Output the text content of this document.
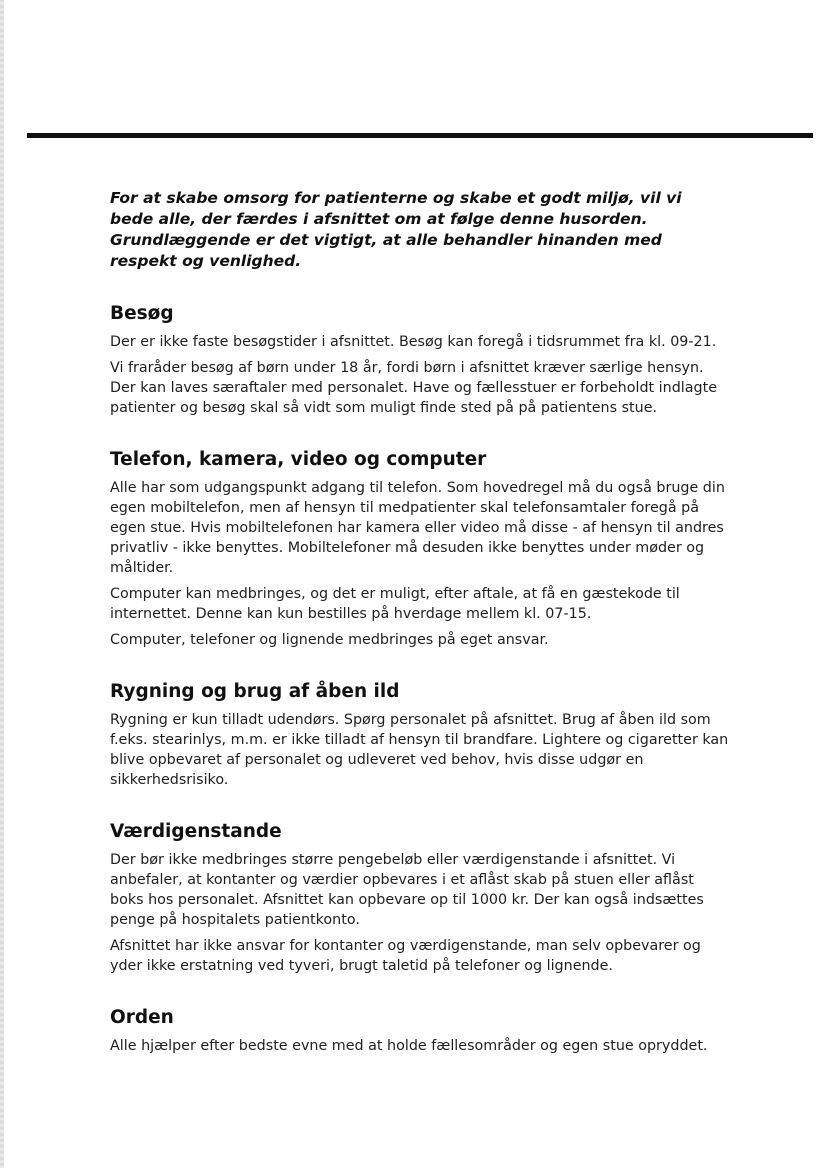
For at skabe omsorg for patienterne og skabe et godt miljø, vil vi bede alle, der færdes i afsnittet om at følge denne husorden. Grundlæggende er det vigtigt, at alle behandler hinanden med respekt og venlighed.

Besøg

Der er ikke faste besøgstider i afsnittet. Besøg kan foregå i tidsrummet fra kl. 09-21.

Vi fraråder besøg af børn under 18 år, fordi børn i afsnittet kræver særlige hensyn. Der kan laves særaftaler med personalet. Have og fællesstuer er forbeholdt indlagte patienter og besøg skal så vidt som muligt finde sted på på patientens stue.

Telefon, kamera, video og computer

Alle har som udgangspunkt adgang til telefon. Som hovedregel må du også bruge din egen mobiltelefon, men af hensyn til medpatienter skal telefonsamtaler foregå på egen stue. Hvis mobiltelefonen har kamera eller video må disse - af hensyn til andres privatliv - ikke benyttes. Mobiltelefoner må desuden ikke benyttes under møder og måltider.

Computer kan medbringes, og det er muligt, efter aftale, at få en gæstekode til internettet. Denne kan kun bestilles på hverdage mellem kl. 07-15.

Computer, telefoner og lignende medbringes på eget ansvar.

Rygning og brug af åben ild

Rygning er kun tilladt udendørs. Spørg personalet på afsnittet. Brug af åben ild som f.eks. stearinlys, m.m. er ikke tilladt af hensyn til brandfare. Lightere og cigaretter kan blive opbevaret af personalet og udleveret ved behov, hvis disse udgør en sikkerhedsrisiko.

Værdigenstande

Der bør ikke medbringes større pengebeløb eller værdigenstande i afsnittet. Vi anbefaler, at kontanter og værdier opbevares i et aflåst skab på stuen eller aflåst boks hos personalet. Afsnittet kan opbevare op til 1000 kr. Der kan også indsættes penge på hospitalets patientkonto.

Afsnittet har ikke ansvar for kontanter og værdigenstande, man selv opbevarer og yder ikke erstatning ved tyveri, brugt taletid på telefoner og lignende.

Orden

Alle hjælper efter bedste evne med at holde fællesområder og egen stue opryddet.
